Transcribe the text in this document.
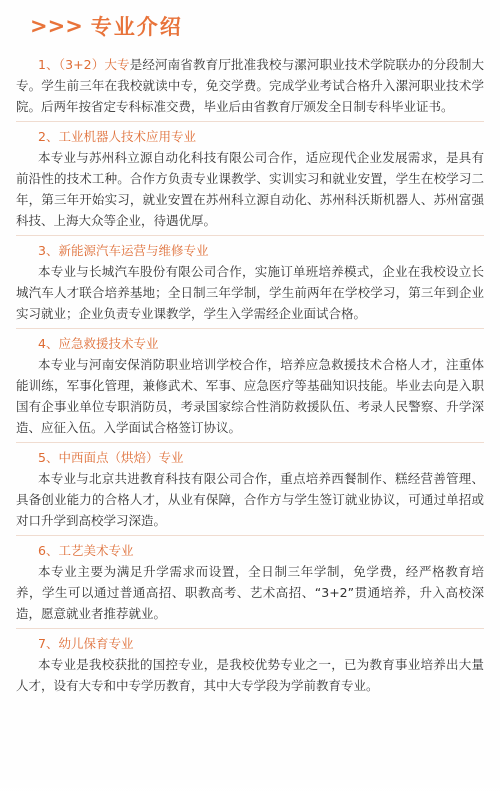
>>> 专业介绍

1、（3+2）大专是经河南省教育厅批准我校与漯河职业技术学院联办的分段制大专。学生前三年在我校就读中专，免交学费。完成学业考试合格升入漯河职业技术学院。后两年按省定专科标准交费，毕业后由省教育厅颁发全日制专科毕业证书。

2、工业机器人技术应用专业

本专业与苏州科立源自动化科技有限公司合作，适应现代企业发展需求，是具有前沿性的技术工种。合作方负责专业课教学、实训实习和就业安置，学生在校学习二年，第三年开始实习，就业安置在苏州科立源自动化、苏州科沃斯机器人、苏州富强科技、上海大众等企业，待遇优厚。

3、新能源汽车运营与维修专业

本专业与长城汽车股份有限公司合作，实施订单班培养模式，企业在我校设立长城汽车人才联合培养基地；全日制三年学制，学生前两年在学校学习，第三年到企业实习就业；企业负责专业课教学，学生入学需经企业面试合格。

4、应急救援技术专业

本专业与河南安保消防职业培训学校合作，培养应急救援技术合格人才，注重体能训练，军事化管理，兼修武术、军事、应急医疗等基础知识技能。毕业去向是入职国有企事业单位专职消防员，考录国家综合性消防救援队伍、考录人民警察、升学深造、应征入伍。入学面试合格签订协议。

5、中西面点（烘焙）专业

本专业与北京共进教育科技有限公司合作，重点培养西餐制作、糕经营善管理、具备创业能力的合格人才，从业有保障，合作方与学生签订就业协议，可通过单招或对口升学到高校学习深造。

6、工艺美术专业

本专业主要为满足升学需求而设置，全日制三年学制，免学费，经严格教育培养，学生可以通过普通高招、职教高考、艺术高招、“3+2”贯通培养，升入高校深造，愿意就业者推荐就业。

7、幼儿保育专业

本专业是我校获批的国控专业，是我校优势专业之一，已为教育事业培养出大量人才，设有大专和中专学历教育，其中大专学段为学前教育专业。
